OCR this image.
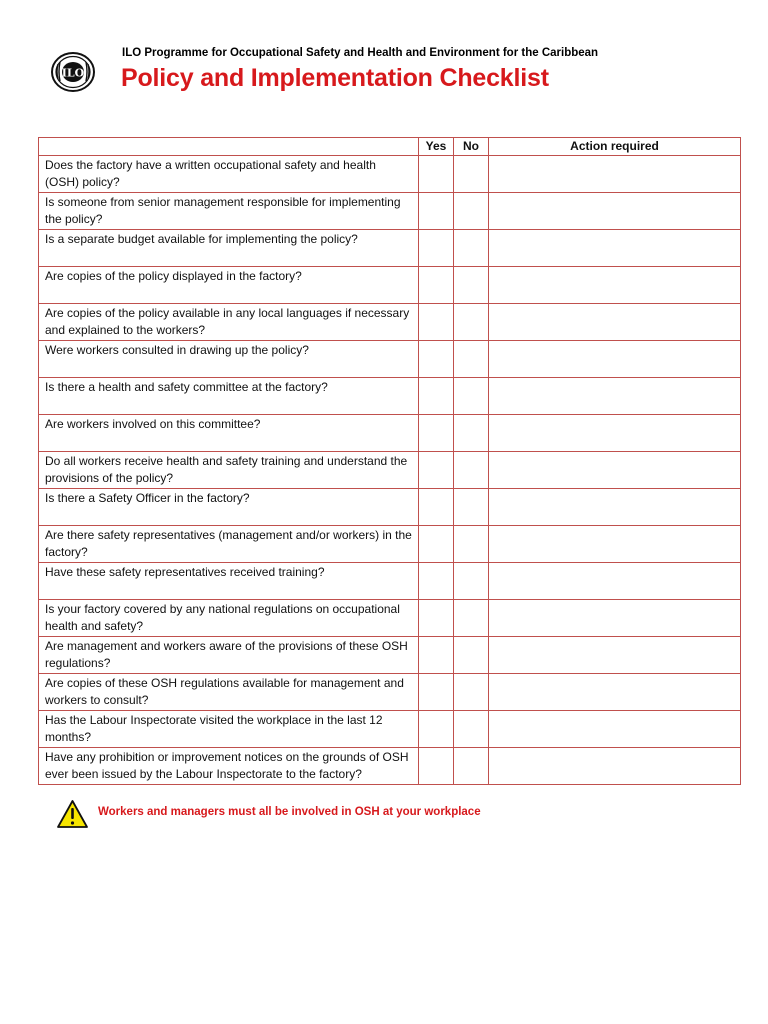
ILO
ILO Programme for Occupational Safety and Health and Environment for the Caribbean
Policy and Implementation Checklist
	Yes	No	Action required
Does the factory have a written occupational safety and health (OSH) policy?			
Is someone from senior management responsible for implementing the policy?			
Is a separate budget available for implementing the policy?			
Are copies of the policy displayed in the factory?			
Are copies of the policy available in any local languages if necessary and explained to the workers?			
Were workers consulted in drawing up the policy?			
Is there a health and safety committee at the factory?			
Are workers involved on this committee?			
Do all workers receive health and safety training and understand the provisions of the policy?			
Is there a Safety Officer in the factory?			
Are there safety representatives (management and/or workers) in the factory?			
Have these safety representatives received training?			
Is your factory covered by any national regulations on occupational health and safety?			
Are management and workers aware of the provisions of these OSH regulations?			
Are copies of these OSH regulations available for management and workers to consult?			
Has the Labour Inspectorate visited the workplace in the last 12 months?			
Have any prohibition or improvement notices on the grounds of OSH ever been issued by the Labour Inspectorate to the factory?			
Workers and managers must all be involved in OSH at your workplace
